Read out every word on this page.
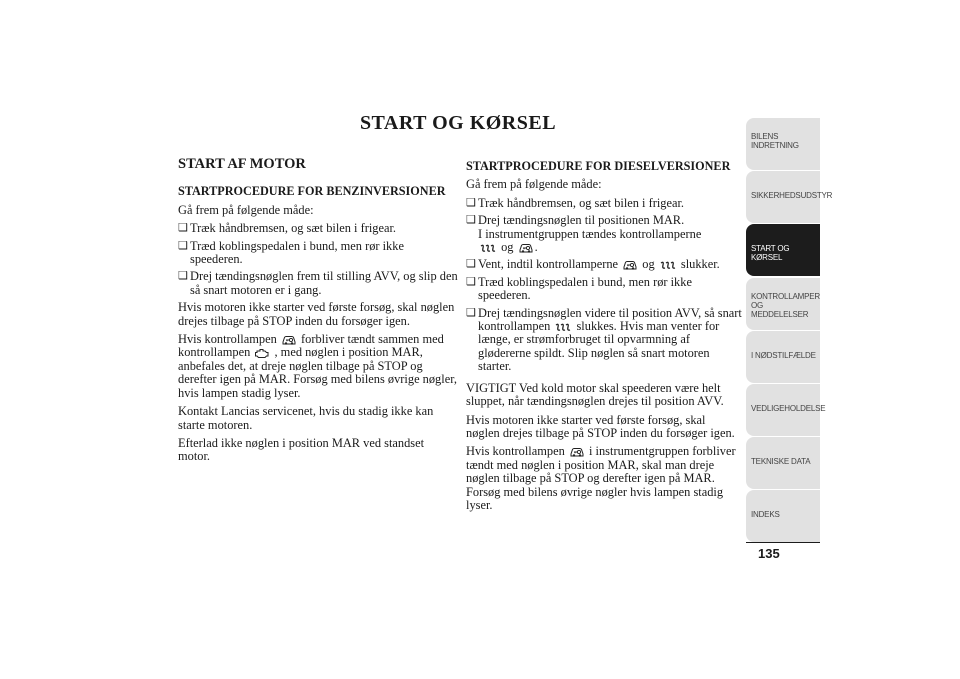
START OG KØRSEL
START AF MOTOR
STARTPROCEDURE FOR BENZINVERSIONER

Gå frem på følgende måde:

❑ Træk håndbremsen, og sæt bilen i frigear.
❑ Træd koblingspedalen i bund, men rør ikke speederen.
❑ Drej tændingsnøglen frem til stilling AVV, og slip den så snart motoren er i gang.

Hvis motoren ikke starter ved første forsøg, skal nøglen drejes tilbage på STOP inden du forsøger igen.

Hvis kontrollampen forbliver tændt sammen med kontrollampen , med nøglen i position MAR, anbefales det, at dreje nøglen tilbage på STOP og derefter igen på MAR. Forsøg med bilens øvrige nøgler, hvis lampen stadig lyser.

Kontakt Lancias servicenet, hvis du stadig ikke kan starte motoren.

Efterlad ikke nøglen i position MAR ved standset motor.

STARTPROCEDURE FOR DIESELVERSIONER

Gå frem på følgende måde:

❑ Træk håndbremsen, og sæt bilen i frigear.
❑ Drej tændingsnøglen til positionen MAR.
I instrumentgruppen tændes kontrollamperne

og .
❑ Vent, indtil kontrollamperne og slukker.
❑ Træd koblingspedalen i bund, men rør ikke speederen.
❑ Drej tændingsnøglen videre til position AVV, så snart kontrollampen slukkes. Hvis man venter for længe, er strømforbruget til opvarmning af glødererne spildt. Slip nøglen så snart motoren starter.

VIGTIGT Ved kold motor skal speederen være helt sluppet, når tændingsnøglen drejes til position AVV.

Hvis motoren ikke starter ved første forsøg, skal nøglen drejes tilbage på STOP inden du forsøger igen.

Hvis kontrollampen i instrumentgruppen forbliver tændt med nøglen i position MAR, skal man dreje nøglen tilbage på STOP og derefter igen på MAR. Forsøg med bilens øvrige nøgler hvis lampen stadig lyser.

BILENS INDRETNING
SIKKERHEDSUDSTYR
START OG KØRSEL
KONTROLLAMPER OG MEDDELELSER
I NØDSTILFÆLDE
VEDLIGEHOLDELSE
TEKNISKE DATA
INDEKS
135
